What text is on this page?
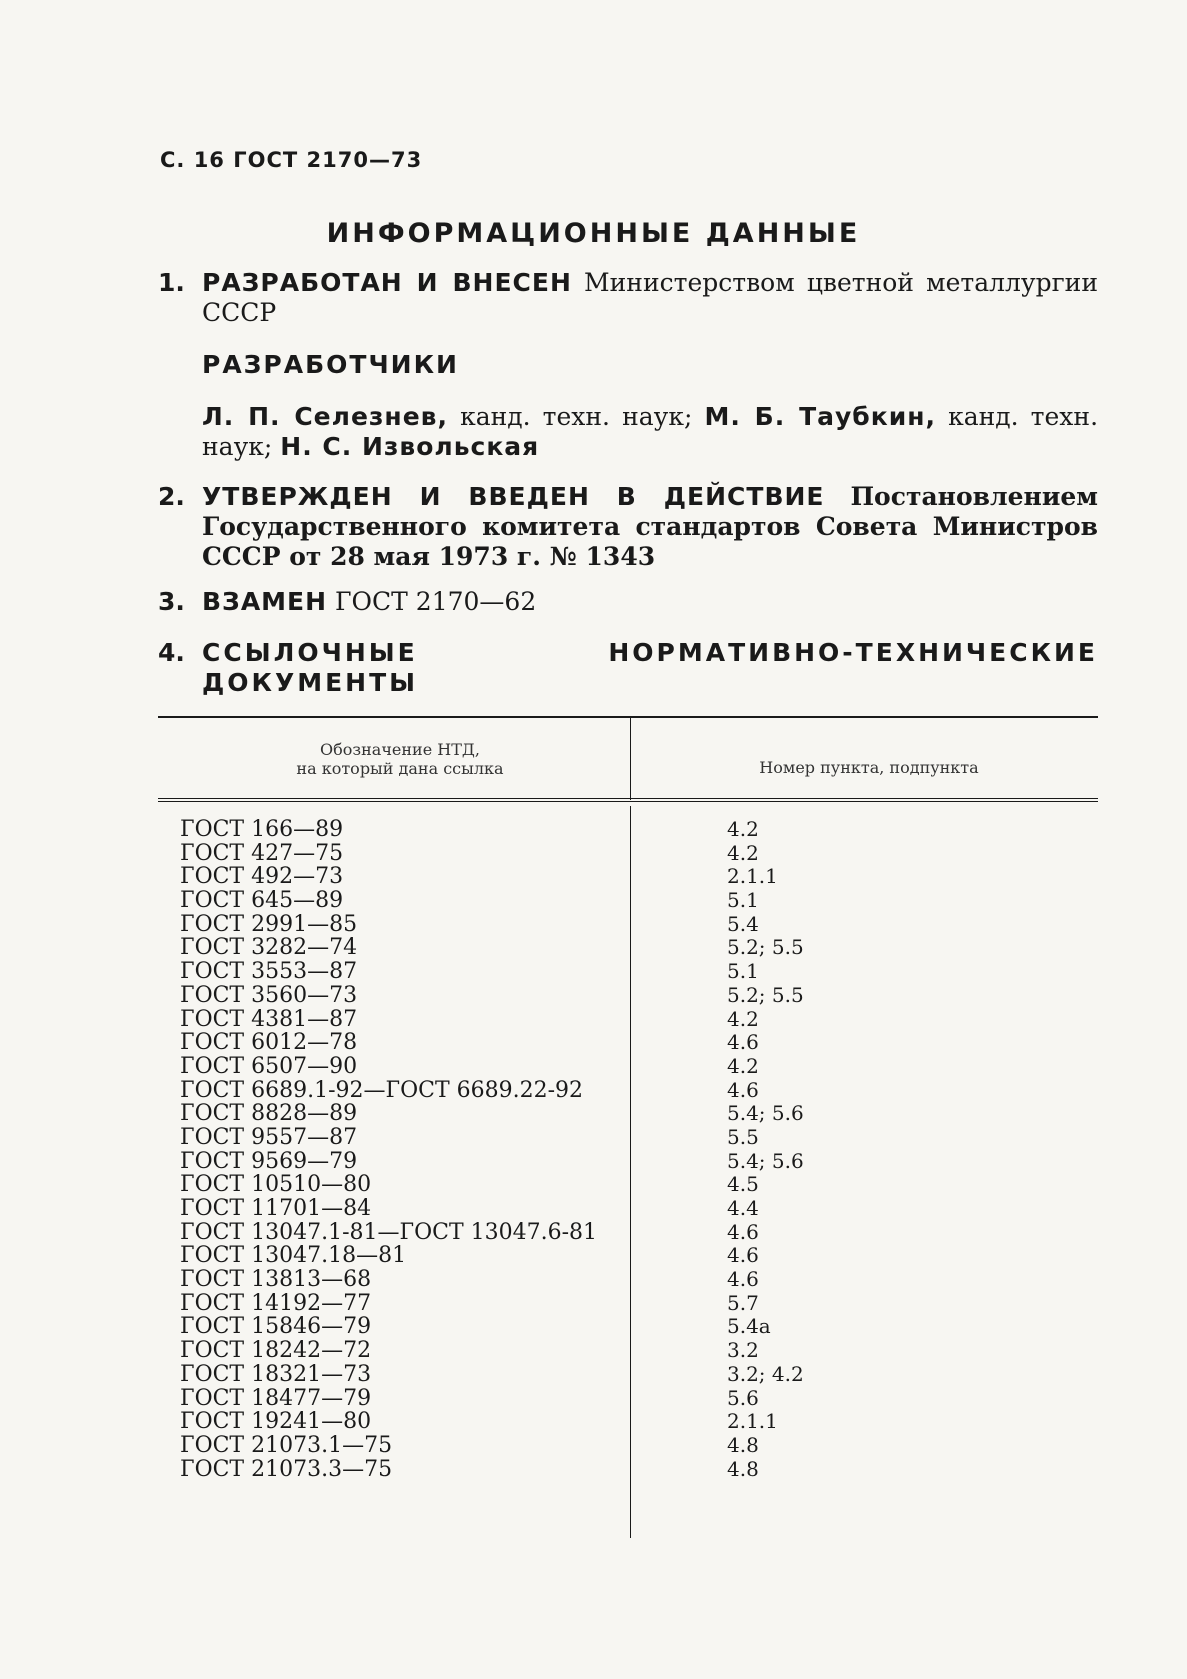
С. 16 ГОСТ 2170—73
ИНФОРМАЦИОННЫЕ ДАННЫЕ
1. РАЗРАБОТАН И ВНЕСЕН Министерством цветной металлургии СССР
РАЗРАБОТЧИКИ
Л. П. Селезнев, канд. техн. наук; М. Б. Таубкин, канд. техн. наук; Н. С. Извольская
2. УТВЕРЖДЕН И ВВЕДЕН В ДЕЙСТВИЕ Постановлением Государственного комитета стандартов Совета Министров СССР от 28 мая 1973 г. № 1343
3. ВЗАМЕН ГОСТ 2170—62
4. ССЫЛОЧНЫЕ НОРМАТИВНО-ТЕХНИЧЕСКИЕ ДОКУМЕНТЫ
Обозначение НТД,
на который дана ссылка	Номер пункта, подпункта
ГОСТ 166—89
ГОСТ 427—75
ГОСТ 492—73
ГОСТ 645—89
ГОСТ 2991—85
ГОСТ 3282—74
ГОСТ 3553—87
ГОСТ 3560—73
ГОСТ 4381—87
ГОСТ 6012—78
ГОСТ 6507—90
ГОСТ 6689.1-92—ГОСТ 6689.22-92
ГОСТ 8828—89
ГОСТ 9557—87
ГОСТ 9569—79
ГОСТ 10510—80
ГОСТ 11701—84
ГОСТ 13047.1-81—ГОСТ 13047.6-81
ГОСТ 13047.18—81
ГОСТ 13813—68
ГОСТ 14192—77
ГОСТ 15846—79
ГОСТ 18242—72
ГОСТ 18321—73
ГОСТ 18477—79
ГОСТ 19241—80
ГОСТ 21073.1—75
ГОСТ 21073.3—75
4.2
4.2
2.1.1
5.1
5.4
5.2; 5.5
5.1
5.2; 5.5
4.2
4.6
4.2
4.6
5.4; 5.6
5.5
5.4; 5.6
4.5
4.4
4.6
4.6
4.6
5.7
5.4а
3.2
3.2; 4.2
5.6
2.1.1
4.8
4.8
